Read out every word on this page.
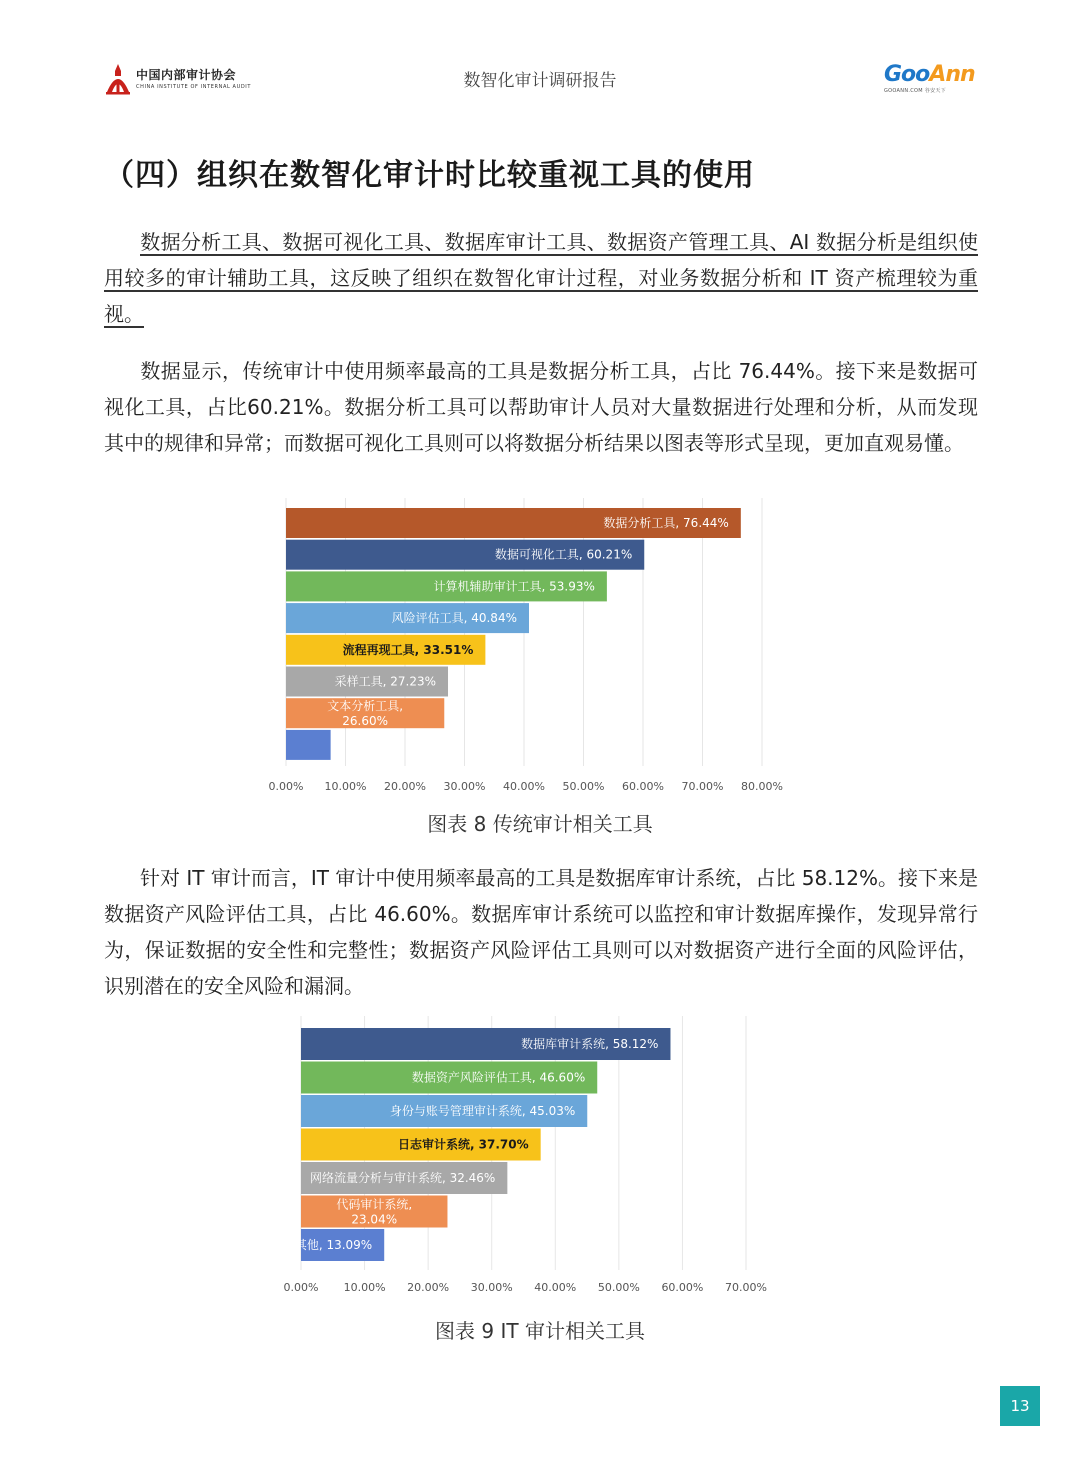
中国内部审计协会
CHINA INSTITUTE OF INTERNAL AUDIT	数智化审计调研报告	GooAnn
GOOANN.COM 谷安天下
（四）组织在数智化审计时比较重视工具的使用

数据分析工具、数据可视化工具、数据库审计工具、数据资产管理工具、AI 数据分析是组织使用较多的审计辅助工具，这反映了组织在数智化审计过程，对业务数据分析和 IT 资产梳理较为重视。

数据显示，传统审计中使用频率最高的工具是数据分析工具，占比 76.44%。接下来是数据可视化工具，占比60.21%。数据分析工具可以帮助审计人员对大量数据进行处理和分析，从而发现其中的规律和异常；而数据可视化工具则可以将数据分析结果以图表等形式呈现，更加直观易懂。

0.00% 10.00% 20.00% 30.00% 40.00% 50.00% 60.00% 70.00% 80.00%
数据分析工具, 76.44%
数据可视化工具, 60.21%
计算机辅助审计工具, 53.93%
风险评估工具, 40.84%
流程再现工具, 33.51%
采样工具, 27.23%
文本分析工具,
26.60%
图表 8 传统审计相关工具

针对 IT 审计而言，IT 审计中使用频率最高的工具是数据库审计系统，占比 58.12%。接下来是数据资产风险评估工具，占比 46.60%。数据库审计系统可以监控和审计数据库操作，发现异常行为，保证数据的安全性和完整性；数据资产风险评估工具则可以对数据资产进行全面的风险评估，识别潜在的安全风险和漏洞。

0.00% 10.00% 20.00% 30.00% 40.00% 50.00% 60.00% 70.00%
数据库审计系统, 58.12%
数据资产风险评估工具, 46.60%
身份与账号管理审计系统, 45.03%
日志审计系统, 37.70%
网络流量分析与审计系统, 32.46%
代码审计系统,
23.04%
其他, 13.09%
图表 9 IT 审计相关工具
13
